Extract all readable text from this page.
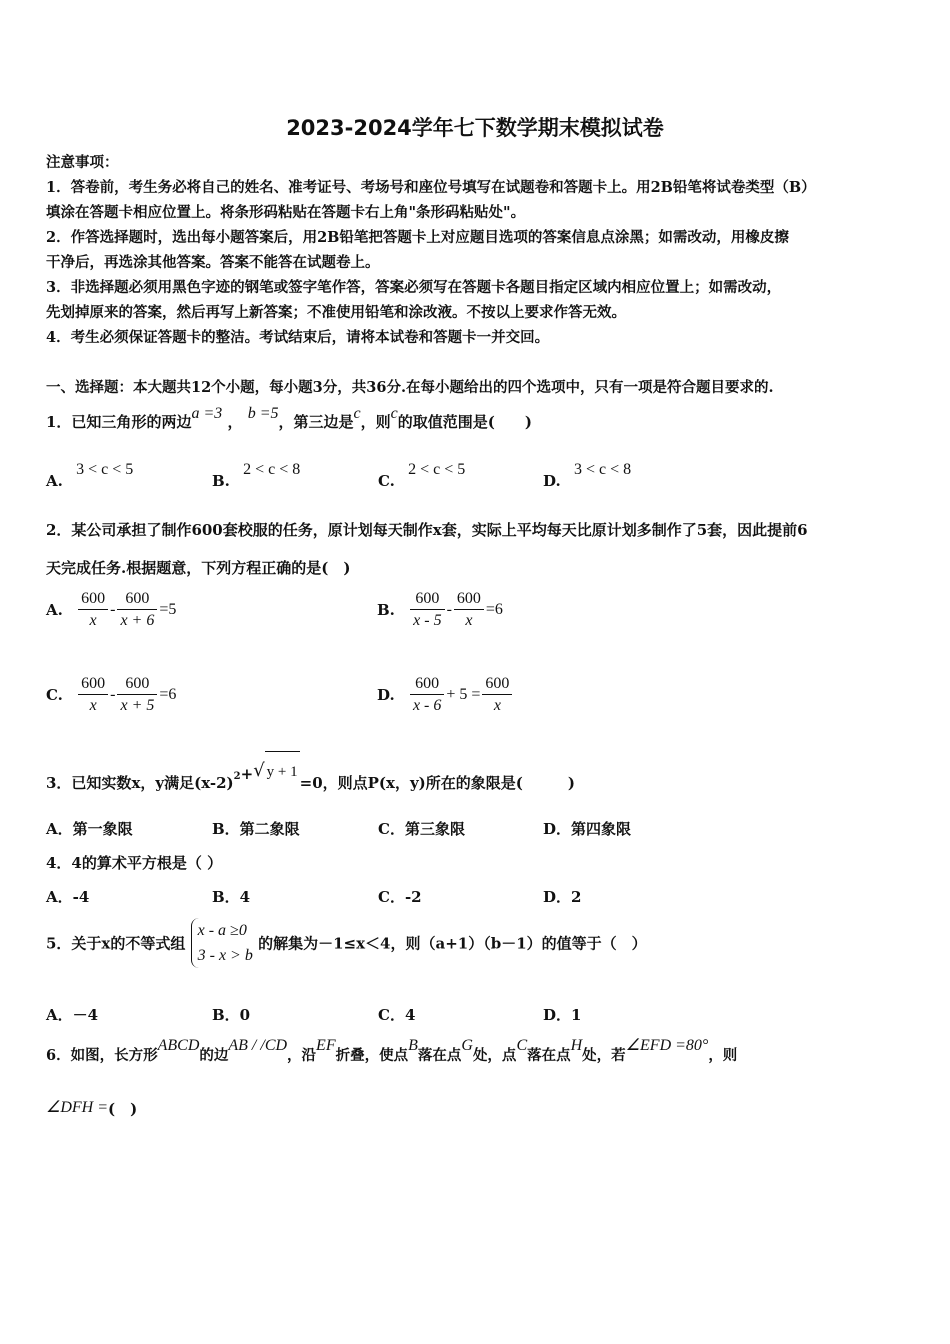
2023-2024学年七下数学期末模拟试卷
注意事项：
1．答卷前，考生务必将自己的姓名、准考证号、考场号和座位号填写在试题卷和答题卡上。用2B铅笔将试卷类型（B）
填涂在答题卡相应位置上。将条形码粘贴在答题卡右上角"条形码粘贴处"。
2．作答选择题时，选出每小题答案后，用2B铅笔把答题卡上对应题目选项的答案信息点涂黑；如需改动，用橡皮擦
干净后，再选涂其他答案。答案不能答在试题卷上。
3．非选择题必须用黑色字迹的钢笔或签字笔作答，答案必须写在答题卡各题目指定区域内相应位置上；如需改动，
先划掉原来的答案，然后再写上新答案；不准使用铅笔和涂改液。不按以上要求作答无效。
4．考生必须保证答题卡的整洁。考试结束后，请将本试卷和答题卡一并交回。
一、选择题：本大题共12个小题，每小题3分，共36分.在每小题给出的四个选项中，只有一项是符合题目要求的.
1．已知三角形的两边a =3 ， b =5，第三边是c，则c的取值范围是(　　)
A. 3 < c < 5
B. 2 < c < 8
C. 2 < c < 5
D. 3 < c < 8
2．某公司承担了制作600套校服的任务，原计划每天制作x套，实际上平均每天比原计划多制作了5套，因此提前6
天完成任务.根据题意，下列方程正确的是(　)
A. $\frac{600}{x} - \frac{600}{x + 6} =5$	B. $\frac{600}{x - 5} - \frac{600}{x} =6$
C. $\frac{600}{x} - \frac{600}{x + 5} =6$	D. $\frac{600}{x - 6} + 5 = \frac{600}{x}$
3．已知实数x，y满足$(x-2)^2+√$ y + 1=0，则点P(x，y)所在的象限是(　　　)
A．第一象限	B．第二象限	C．第三象限	D．第四象限
4．4的算术平方根是（ ）
A．-4	B．4	C．-2	D．2
5．关于x的不等式组
x - a ≥0
3 - x > b
的解集为－1≤x＜4，则（a+1）（b－1）的值等于（　）
A．－4	B．0	C．4	D．1
6．如图，长方形ABCD的边AB / /CD，沿EF折叠，使点B落在点G处，点C落在点H处，若∠EFD =80°，则
∠DFH =(　)
